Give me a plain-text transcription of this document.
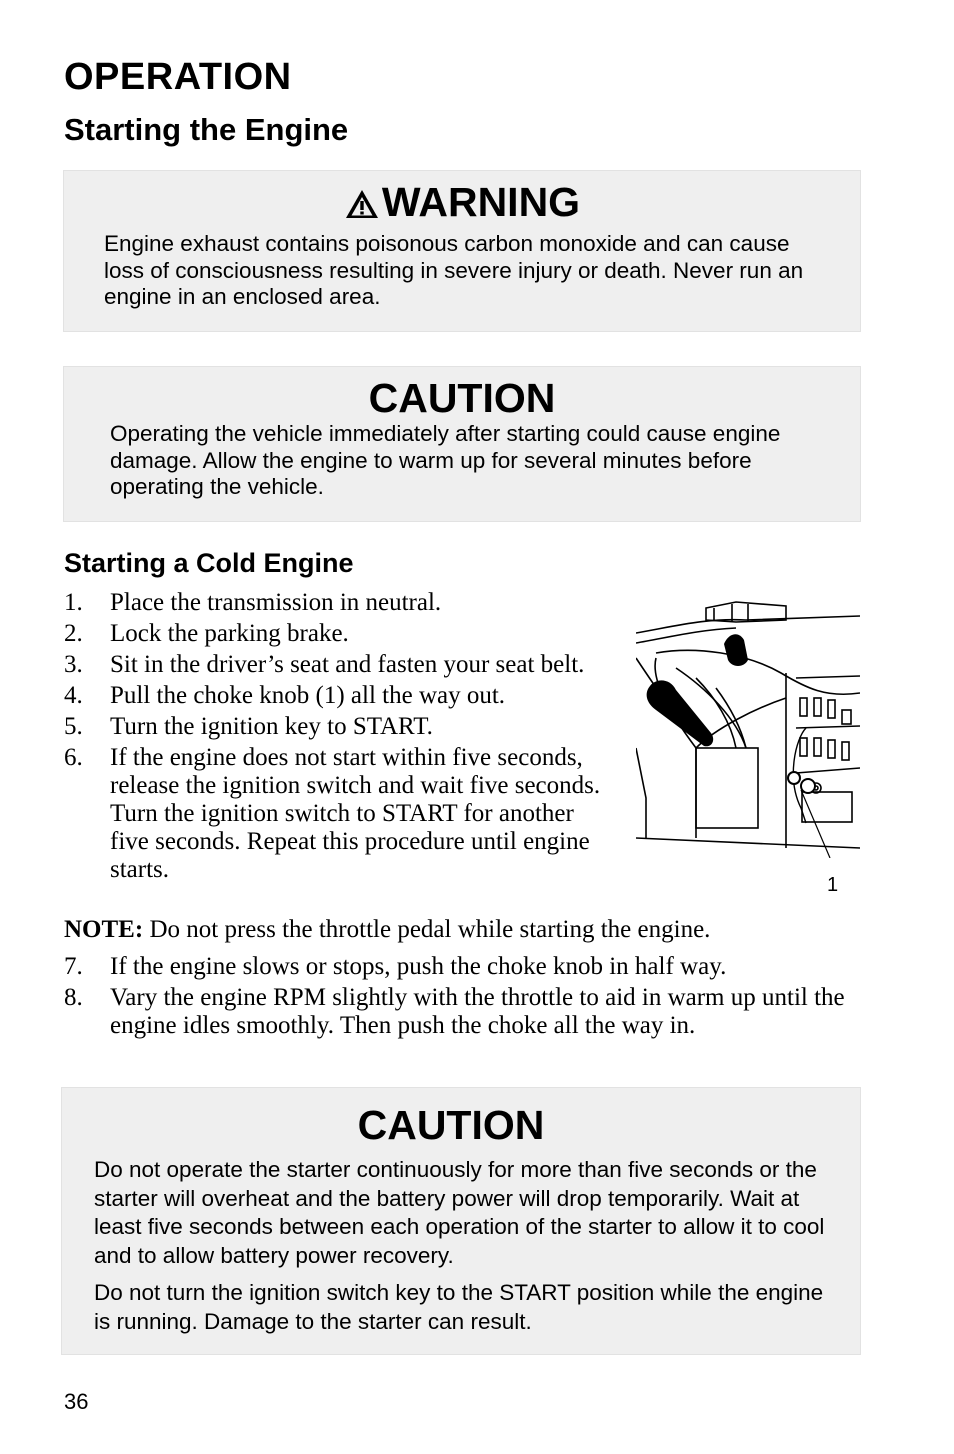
OPERATION
Starting the Engine
WARNING

Engine exhaust contains poisonous carbon monoxide and can cause loss of consciousness resulting in severe injury or death. Never run an engine in an enclosed area.

CAUTION

Operating the vehicle immediately after starting could cause engine damage. Allow the engine to warm up for several minutes before operating the vehicle.

Starting a Cold Engine
1. Place the transmission in neutral.
2. Lock the parking brake.
3. Sit in the driver’s seat and fasten your seat belt.
4. Pull the choke knob (1) all the way out.
5. Turn the ignition key to START.
6. If the engine does not start within five seconds, release the ignition switch and wait five seconds. Turn the ignition switch to START for another five seconds. Repeat this procedure until engine starts.
1

NOTE: Do not press the throttle pedal while starting the engine.

7. If the engine slows or stops, push the choke knob in half way.
8. Vary the engine RPM slightly with the throttle to aid in warm up until the engine idles smoothly. Then push the choke all the way in.
CAUTION

Do not operate the starter continuously for more than five seconds or the starter will overheat and the battery power will drop temporarily. Wait at least five seconds between each operation of the starter to allow it to cool and to allow battery power recovery.

Do not turn the ignition switch key to the START position while the engine is running. Damage to the starter can result.

36
